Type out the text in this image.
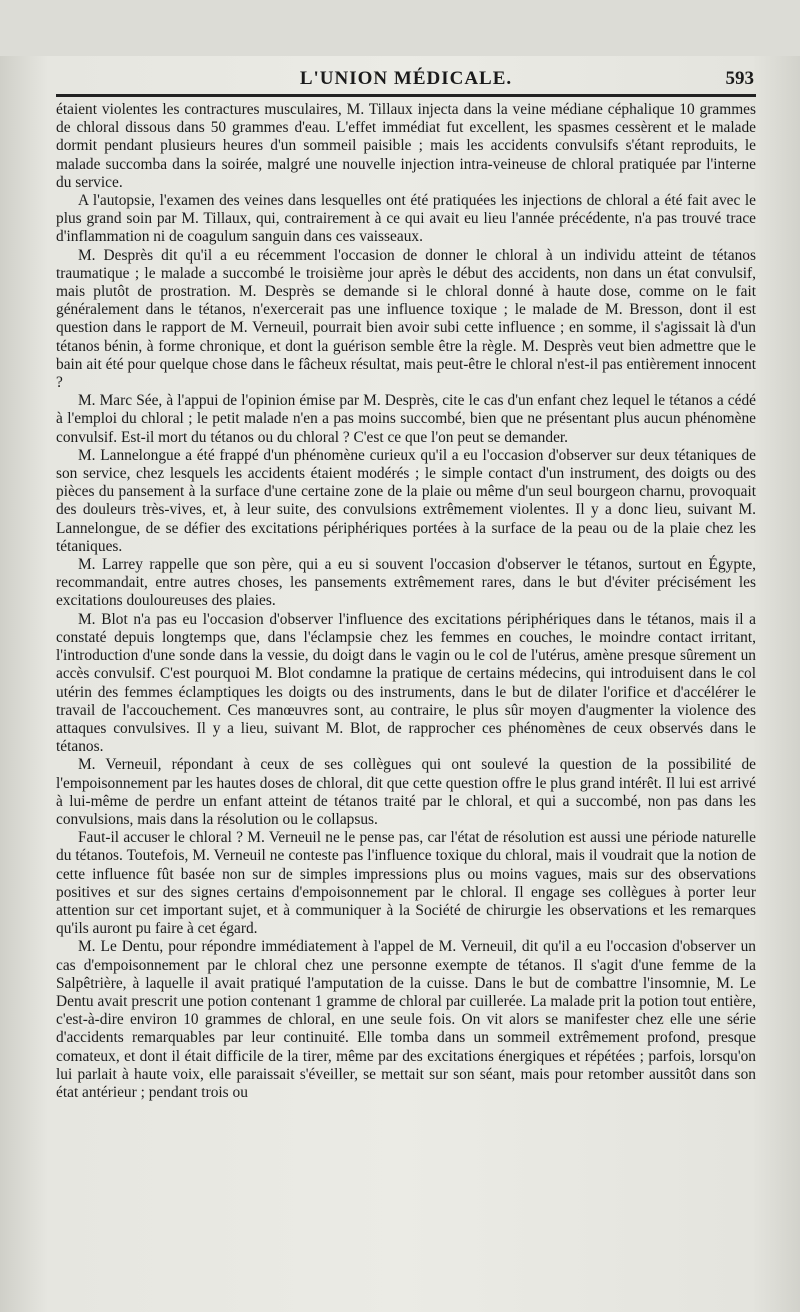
L'UNION MÉDICALE.	593

étaient violentes les contractures musculaires, M. Tillaux injecta dans la veine médiane céphalique 10 grammes de chloral dissous dans 50 grammes d'eau. L'effet immédiat fut excellent, les spasmes cessèrent et le malade dormit pendant plusieurs heures d'un sommeil paisible ; mais les accidents convulsifs s'étant reproduits, le malade succomba dans la soirée, malgré une nouvelle injection intra-veineuse de chloral pratiquée par l'interne du service.

A l'autopsie, l'examen des veines dans lesquelles ont été pratiquées les injections de chloral a été fait avec le plus grand soin par M. Tillaux, qui, contrairement à ce qui avait eu lieu l'année précédente, n'a pas trouvé trace d'inflammation ni de coagulum sanguin dans ces vaisseaux.

M. Desprès dit qu'il a eu récemment l'occasion de donner le chloral à un individu atteint de tétanos traumatique ; le malade a succombé le troisième jour après le début des accidents, non dans un état convulsif, mais plutôt de prostration. M. Desprès se demande si le chloral donné à haute dose, comme on le fait généralement dans le tétanos, n'exercerait pas une influence toxique ; le malade de M. Bresson, dont il est question dans le rapport de M. Verneuil, pourrait bien avoir subi cette influence ; en somme, il s'agissait là d'un tétanos bénin, à forme chronique, et dont la guérison semble être la règle. M. Desprès veut bien admettre que le bain ait été pour quelque chose dans le fâcheux résultat, mais peut-être le chloral n'est-il pas entièrement innocent ?

M. Marc Sée, à l'appui de l'opinion émise par M. Desprès, cite le cas d'un enfant chez lequel le tétanos a cédé à l'emploi du chloral ; le petit malade n'en a pas moins succombé, bien que ne présentant plus aucun phénomène convulsif. Est-il mort du tétanos ou du chloral ? C'est ce que l'on peut se demander.

M. Lannelongue a été frappé d'un phénomène curieux qu'il a eu l'occasion d'observer sur deux tétaniques de son service, chez lesquels les accidents étaient modérés ; le simple contact d'un instrument, des doigts ou des pièces du pansement à la surface d'une certaine zone de la plaie ou même d'un seul bourgeon charnu, provoquait des douleurs très-vives, et, à leur suite, des convulsions extrêmement violentes. Il y a donc lieu, suivant M. Lannelongue, de se défier des excitations périphériques portées à la surface de la peau ou de la plaie chez les tétaniques.

M. Larrey rappelle que son père, qui a eu si souvent l'occasion d'observer le tétanos, surtout en Égypte, recommandait, entre autres choses, les pansements extrêmement rares, dans le but d'éviter précisément les excitations douloureuses des plaies.

M. Blot n'a pas eu l'occasion d'observer l'influence des excitations périphériques dans le tétanos, mais il a constaté depuis longtemps que, dans l'éclampsie chez les femmes en couches, le moindre contact irritant, l'introduction d'une sonde dans la vessie, du doigt dans le vagin ou le col de l'utérus, amène presque sûrement un accès convulsif. C'est pourquoi M. Blot condamne la pratique de certains médecins, qui introduisent dans le col utérin des femmes éclamptiques les doigts ou des instruments, dans le but de dilater l'orifice et d'accélérer le travail de l'accouchement. Ces manœuvres sont, au contraire, le plus sûr moyen d'augmenter la violence des attaques convulsives. Il y a lieu, suivant M. Blot, de rapprocher ces phénomènes de ceux observés dans le tétanos.

M. Verneuil, répondant à ceux de ses collègues qui ont soulevé la question de la possibilité de l'empoisonnement par les hautes doses de chloral, dit que cette question offre le plus grand intérêt. Il lui est arrivé à lui-même de perdre un enfant atteint de tétanos traité par le chloral, et qui a succombé, non pas dans les convulsions, mais dans la résolution ou le collapsus.

Faut-il accuser le chloral ? M. Verneuil ne le pense pas, car l'état de résolution est aussi une période naturelle du tétanos. Toutefois, M. Verneuil ne conteste pas l'influence toxique du chloral, mais il voudrait que la notion de cette influence fût basée non sur de simples impressions plus ou moins vagues, mais sur des observations positives et sur des signes certains d'empoisonnement par le chloral. Il engage ses collègues à porter leur attention sur cet important sujet, et à communiquer à la Société de chirurgie les observations et les remarques qu'ils auront pu faire à cet égard.

M. Le Dentu, pour répondre immédiatement à l'appel de M. Verneuil, dit qu'il a eu l'occasion d'observer un cas d'empoisonnement par le chloral chez une personne exempte de tétanos. Il s'agit d'une femme de la Salpêtrière, à laquelle il avait pratiqué l'amputation de la cuisse. Dans le but de combattre l'insomnie, M. Le Dentu avait prescrit une potion contenant 1 gramme de chloral par cuillerée. La malade prit la potion tout entière, c'est-à-dire environ 10 grammes de chloral, en une seule fois. On vit alors se manifester chez elle une série d'accidents remarquables par leur continuité. Elle tomba dans un sommeil extrêmement profond, presque comateux, et dont il était difficile de la tirer, même par des excitations énergiques et répétées ; parfois, lorsqu'on lui parlait à haute voix, elle paraissait s'éveiller, se mettait sur son séant, mais pour retomber aussitôt dans son état antérieur ; pendant trois ou
